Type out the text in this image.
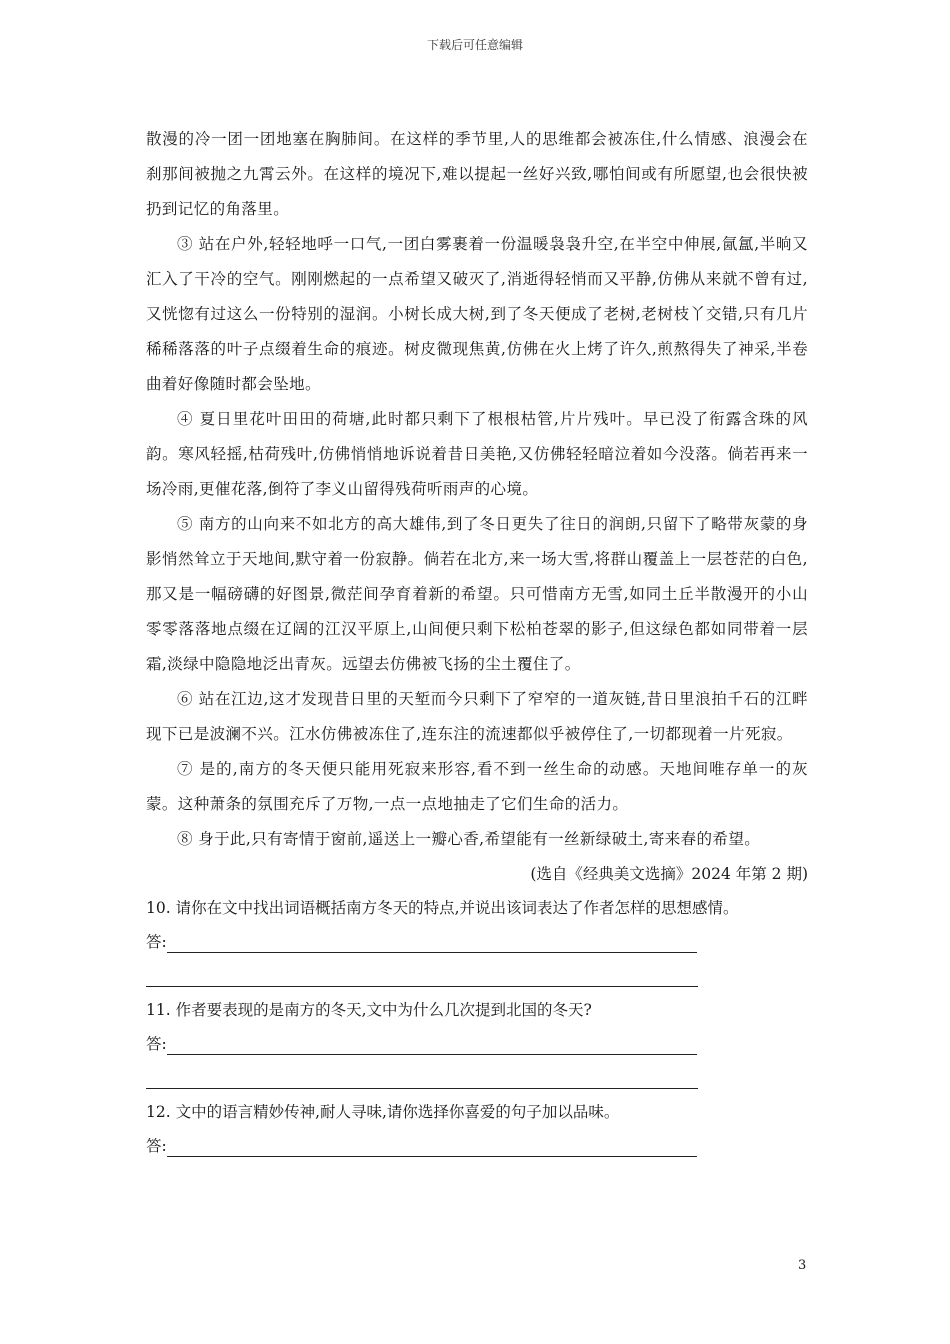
下载后可任意编辑

散漫的冷一团一团地塞在胸肺间。在这样的季节里,人的思维都会被冻住,什么情感、浪漫会在刹那间被抛之九霄云外。在这样的境况下,难以提起一丝好兴致,哪怕间或有所愿望,也会很快被扔到记忆的角落里。

③ 站在户外,轻轻地呼一口气,一团白雾裹着一份温暖袅袅升空,在半空中伸展,氤氲,半晌又汇入了干冷的空气。刚刚燃起的一点希望又破灭了,消逝得轻悄而又平静,仿佛从来就不曾有过,又恍惚有过这么一份特别的湿润。小树长成大树,到了冬天便成了老树,老树枝丫交错,只有几片稀稀落落的叶子点缀着生命的痕迹。树皮微现焦黄,仿佛在火上烤了许久,煎熬得失了神采,半卷曲着好像随时都会坠地。

④ 夏日里花叶田田的荷塘,此时都只剩下了根根枯管,片片残叶。早已没了衔露含珠的风韵。寒风轻摇,枯荷残叶,仿佛悄悄地诉说着昔日美艳,又仿佛轻轻暗泣着如今没落。倘若再来一场冷雨,更催花落,倒符了李义山留得残荷听雨声的心境。

⑤ 南方的山向来不如北方的高大雄伟,到了冬日更失了往日的润朗,只留下了略带灰蒙的身影悄然耸立于天地间,默守着一份寂静。倘若在北方,来一场大雪,将群山覆盖上一层苍茫的白色,那又是一幅磅礴的好图景,微茫间孕育着新的希望。只可惜南方无雪,如同土丘半散漫开的小山零零落落地点缀在辽阔的江汉平原上,山间便只剩下松柏苍翠的影子,但这绿色都如同带着一层霜,淡绿中隐隐地泛出青灰。远望去仿佛被飞扬的尘土覆住了。

⑥ 站在江边,这才发现昔日里的天堑而今只剩下了窄窄的一道灰链,昔日里浪拍千石的江畔现下已是波澜不兴。江水仿佛被冻住了,连东注的流速都似乎被停住了,一切都现着一片死寂。

⑦ 是的,南方的冬天便只能用死寂来形容,看不到一丝生命的动感。天地间唯存单一的灰蒙。这种萧条的氛围充斥了万物,一点一点地抽走了它们生命的活力。

⑧ 身于此,只有寄情于窗前,遥送上一瓣心香,希望能有一丝新绿破土,寄来春的希望。

(选自《经典美文选摘》2024 年第 2 期)

10. 请你在文中找出词语概括南方冬天的特点,并说出该词表达了作者怎样的思想感情。

答:

11. 作者要表现的是南方的冬天,文中为什么几次提到北国的冬天?

答:

12. 文中的语言精妙传神,耐人寻味,请你选择你喜爱的句子加以品味。

答:
3
